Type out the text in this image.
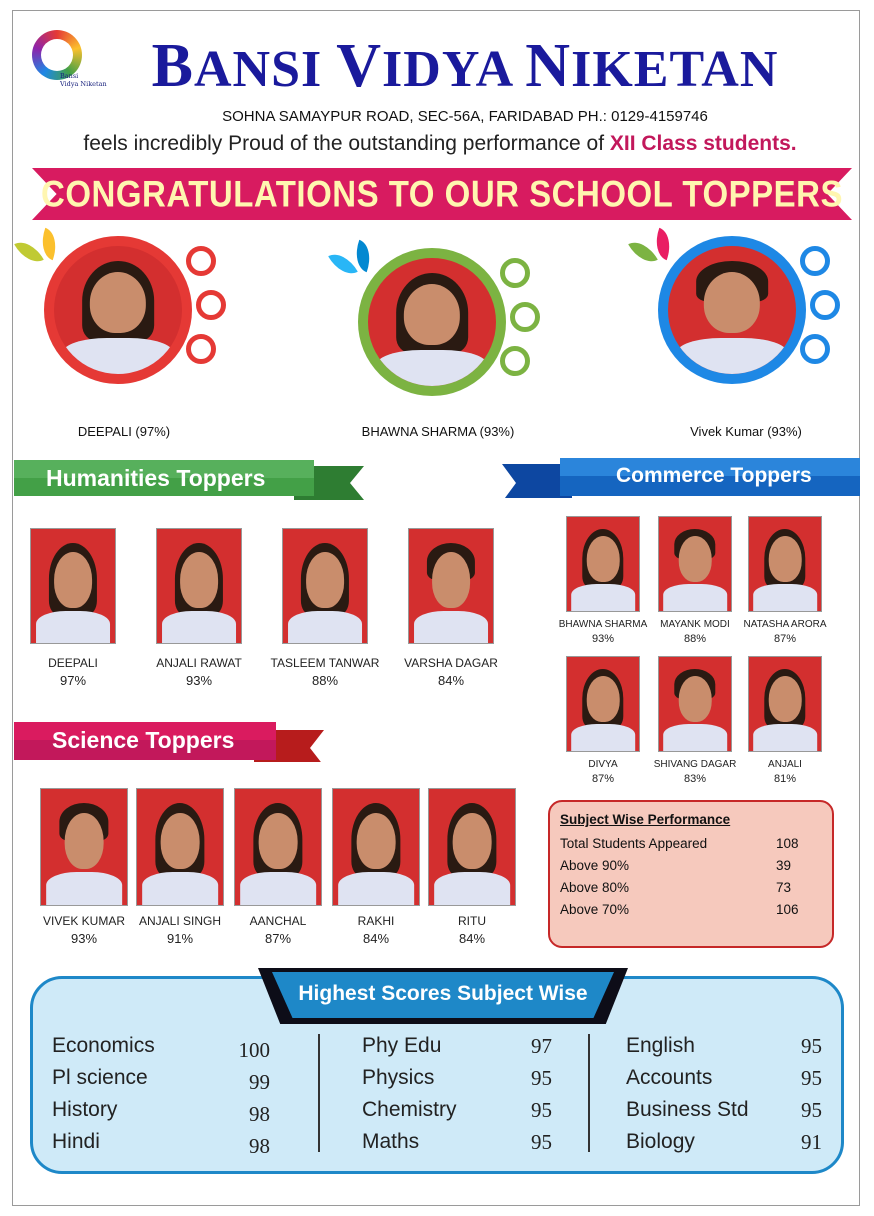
Bansi
Vidya Niketan BANSI VIDYA NIKETAN
SOHNA SAMAYPUR ROAD, SEC-56A, FARIDABAD PH.: 0129-4159746
feels incredibly Proud of the outstanding performance of XII Class students.
CONGRATULATIONS TO OUR SCHOOL TOPPERS
DEEPALI (97%)	BHAWNA SHARMA (93%)	Vivek Kumar (93%)
Humanities Toppers
DEEPALI
97%
ANJALI RAWAT
93%
TASLEEM TANWAR
88%
VARSHA DAGAR
84%
Commerce Toppers
BHAWNA SHARMA
93%
MAYANK MODI
88%
NATASHA ARORA
87%
DIVYA
87%
SHIVANG DAGAR
83%
ANJALI
81%
Science Toppers
VIVEK KUMAR
93%
ANJALI SINGH
91%
AANCHAL
87%
RAKHI
84%
RITU
84%
Subject Wise Performance
Total Students Appeared	108
Above 90%	39
Above 80%	73
Above 70%	106
Highest Scores Subject Wise
Economics	100
Pl science	99
History	98
Hindi	98
Phy Edu	97
Physics	95
Chemistry	95
Maths	95
English	95
Accounts	95
Business Std	95
Biology	91
